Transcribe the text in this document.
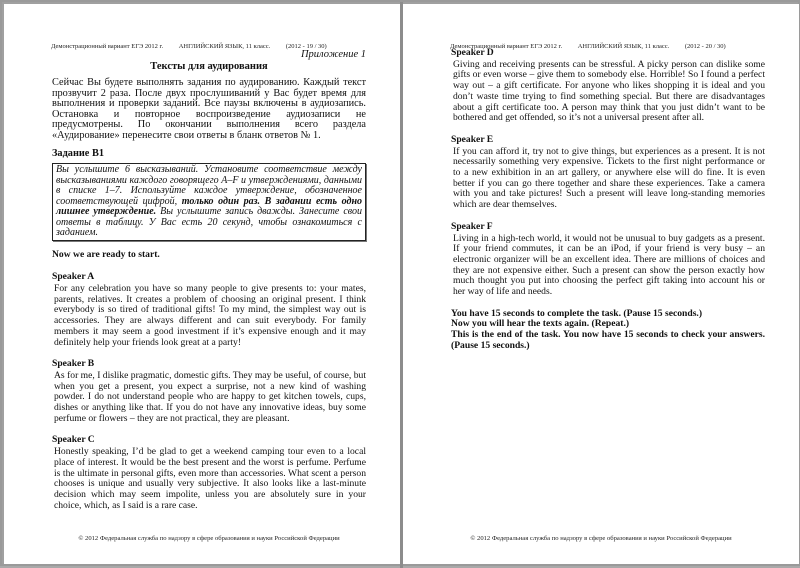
Демонстрационный вариант ЕГЭ 2012 г. АНГЛИЙСКИЙ ЯЗЫК, 11 класс. (2012 - 19 / 30)

Приложение 1

Тексты для аудирования

Сейчас Вы будете выполнять задания по аудированию. Каждый текст прозвучит 2 раза. После двух прослушиваний у Вас будет время для выполнения и проверки заданий. Все паузы включены в аудиозапись. Остановка и повторное воспроизведение аудиозаписи не предусмотрены. По окончании выполнения всего раздела «Аудирование» перенесите свои ответы в бланк ответов № 1.

Задание В1

Вы услышите 6 высказываний. Установите соответствие между высказываниями каждого говорящего A–F и утверждениями, данными в списке 1–7. Используйте каждое утверждение, обозначенное соответствующей цифрой, только один раз. В задании есть одно лишнее утверждение. Вы услышите запись дважды. Занесите свои ответы в таблицу. У Вас есть 20 секунд, чтобы ознакомиться с заданием.

Now we are ready to start.

Speaker A

For any celebration you have so many people to give presents to: your mates, parents, relatives. It creates a problem of choosing an original present. I think everybody is so tired of traditional gifts! To my mind, the simplest way out is accessories. They are always different and can suit everybody. For family members it may seem a good investment if it’s expensive enough and it may definitely help your friends look great at a party!

Speaker B

As for me, I dislike pragmatic, domestic gifts. They may be useful, of course, but when you get a present, you expect a surprise, not a new kind of washing powder. I do not understand people who are happy to get kitchen towels, cups, dishes or anything like that. If you do not have any innovative ideas, buy some perfume or flowers – they are not practical, they are pleasant.

Speaker C

Honestly speaking, I’d be glad to get a weekend camping tour even to a local place of interest. It would be the best present and the worst is perfume. Perfume is the ultimate in personal gifts, even more than accessories. What scent a person chooses is unique and usually very subjective. It also looks like a last-minute decision which may seem impolite, unless you are absolutely sure in your choice, which, as I said is a rare case.

© 2012 Федеральная служба по надзору в сфере образования и науки Российской Федерации
Демонстрационный вариант ЕГЭ 2012 г. АНГЛИЙСКИЙ ЯЗЫК, 11 класс. (2012 - 20 / 30)

Speaker D

Giving and receiving presents can be stressful. A picky person can dislike some gifts or even worse – give them to somebody else. Horrible! So I found a perfect way out – a gift certificate. For anyone who likes shopping it is ideal and you don’t waste time trying to find something special. But there are disadvantages about a gift certificate too. A person may think that you just didn’t want to be bothered and get offended, so it’s not a universal present after all.

Speaker E

If you can afford it, try not to give things, but experiences as a present. It is not necessarily something very expensive. Tickets to the first night performance or to a new exhibition in an art gallery, or anywhere else will do fine. It is even better if you can go there together and share these experiences. Take a camera with you and take pictures! Such a present will leave long-standing memories which are dear themselves.

Speaker F

Living in a high-tech world, it would not be unusual to buy gadgets as a present. If your friend commutes, it can be an iPod, if your friend is very busy – an electronic organizer will be an excellent idea. There are millions of choices and they are not expensive either. Such a present can show the person exactly how much thought you put into choosing the perfect gift taking into account his or her way of life and needs.

You have 15 seconds to complete the task. (Pause 15 seconds.)

Now you will hear the texts again. (Repeat.)

This is the end of the task. You now have 15 seconds to check your answers. (Pause 15 seconds.)

© 2012 Федеральная служба по надзору в сфере образования и науки Российской Федерации
